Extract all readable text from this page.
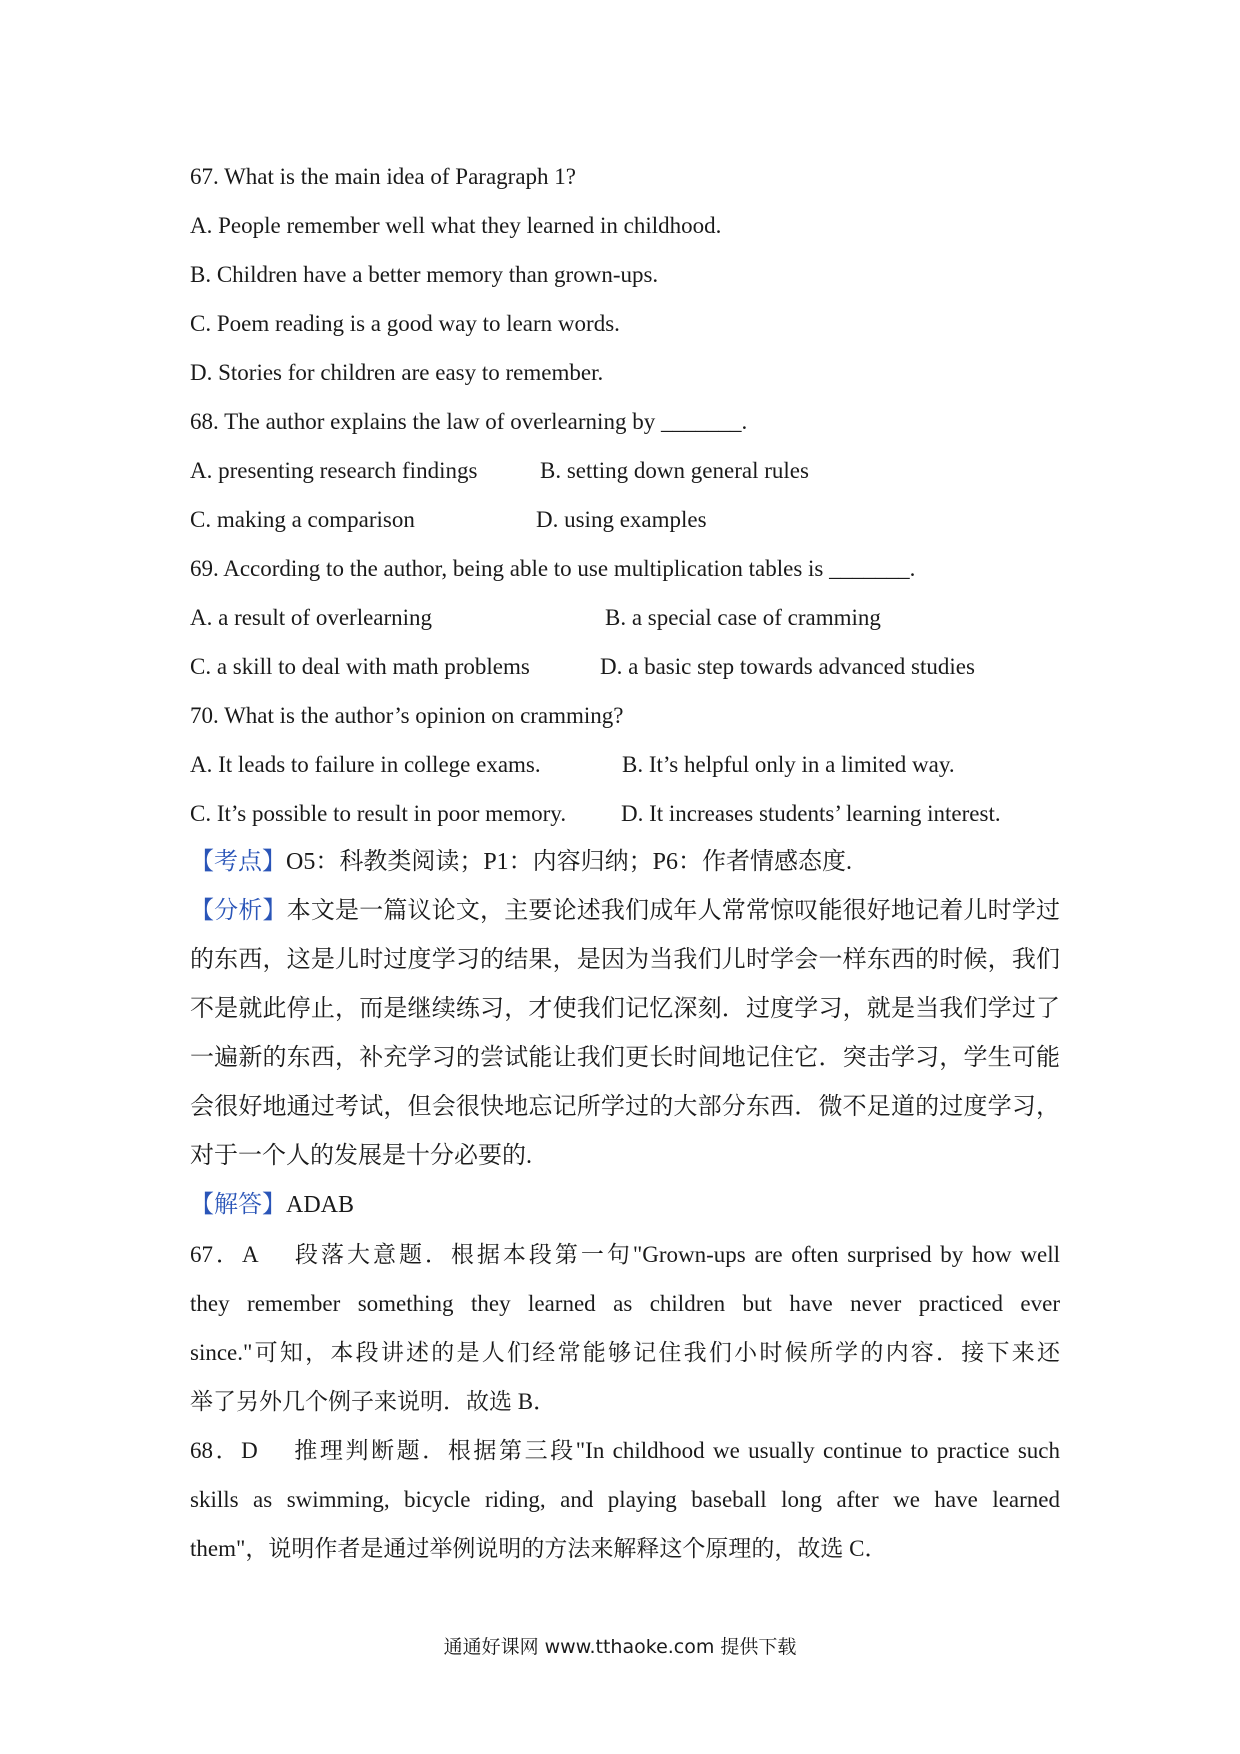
67. What is the main idea of Paragraph 1?
A. People remember well what they learned in childhood.
B. Children have a better memory than grown-ups.
C. Poem reading is a good way to learn words.
D. Stories for children are easy to remember.
68. The author explains the law of overlearning by _______.
A. presenting research findings	B. setting down general rules
C. making a comparison	D. using examples
69. According to the author, being able to use multiplication tables is _______.
A. a result of overlearning	B. a special case of cramming
C. a skill to deal with math problems	D. a basic step towards advanced studies
70. What is the author’s opinion on cramming?
A. It leads to failure in college exams.	B. It’s helpful only in a limited way.
C. It’s possible to result in poor memory.	D. It increases students’ learning interest.
【考点】O5：科教类阅读；P1：内容归纳；P6：作者情感态度.
【分析】本文是一篇议论文，主要论述我们成年人常常惊叹能很好地记着儿时学过的东西，这是儿时过度学习的结果，是因为当我们儿时学会一样东西的时候，我们不是就此停止，而是继续练习，才使我们记忆深刻．过度学习，就是当我们学过了一遍新的东西，补充学习的尝试能让我们更长时间地记住它．突击学习，学生可能会很好地通过考试，但会很快地忘记所学过的大部分东西．微不足道的过度学习，对于一个人的发展是十分必要的.
【解答】ADAB
67．A　 段落大意题．根据本段第一句"Grown-ups are often surprised by how well
they remember something they learned as children but have never practiced ever
since."可知，本段讲述的是人们经常能够记住我们小时候所学的内容．接下来还
举了另外几个例子来说明．故选 B．
68．D　 推理判断题．根据第三段"In childhood we usually continue to practice such
skills as swimming, bicycle riding, and playing baseball long after we have learned
them"，说明作者是通过举例说明的方法来解释这个原理的，故选 C．
通通好课网 www.tthaoke.com 提供下载
